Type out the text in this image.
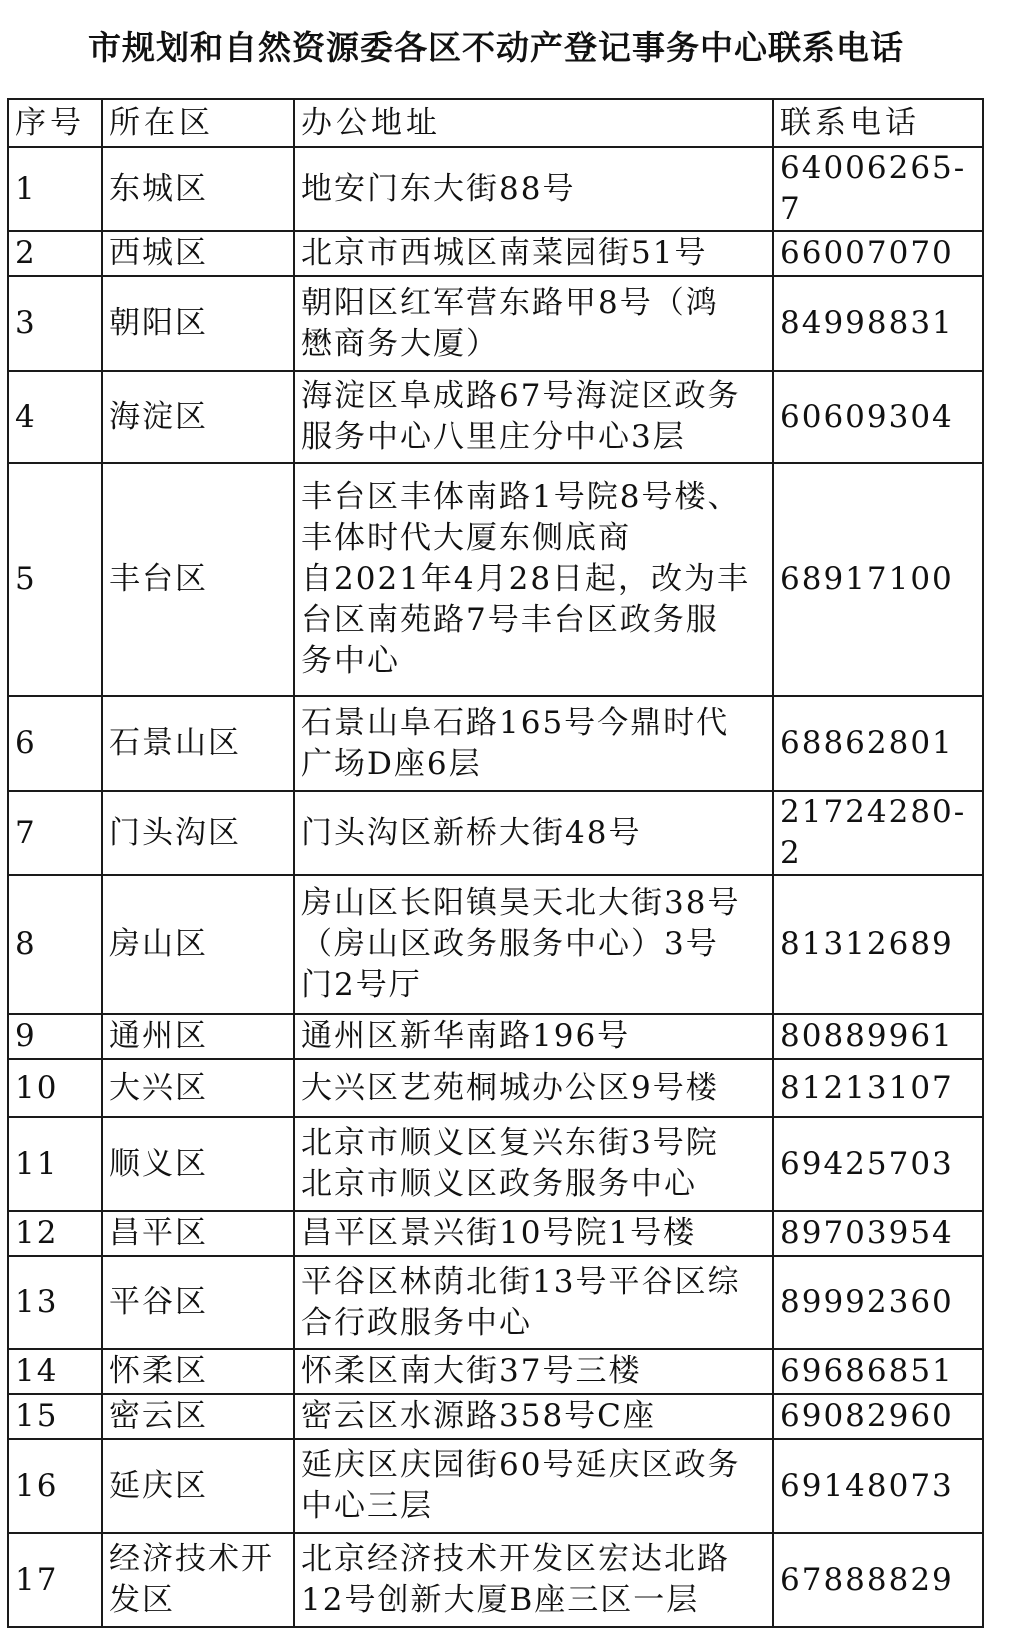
市规划和自然资源委各区不动产登记事务中心联系电话
序号	所在区	办公地址	联系电话
1	东城区	地安门东大街88号	64006265-7
2	西城区	北京市西城区南菜园街51号	66007070
3	朝阳区	朝阳区红军营东路甲8号（鸿
懋商务大厦）	84998831
4	海淀区	海淀区阜成路67号海淀区政务
服务中心八里庄分中心3层	60609304
5	丰台区	丰台区丰体南路1号院8号楼、
丰体时代大厦东侧底商
自2021年4月28日起，改为丰
台区南苑路7号丰台区政务服
务中心	68917100
6	石景山区	石景山阜石路165号今鼎时代
广场D座6层	68862801
7	门头沟区	门头沟区新桥大街48号	21724280-2
8	房山区	房山区长阳镇昊天北大街38号
（房山区政务服务中心）3号
门2号厅	81312689
9	通州区	通州区新华南路196号	80889961
10	大兴区	大兴区艺苑桐城办公区9号楼	81213107
11	顺义区	北京市顺义区复兴东街3号院
北京市顺义区政务服务中心	69425703
12	昌平区	昌平区景兴街10号院1号楼	89703954
13	平谷区	平谷区林荫北街13号平谷区综
合行政服务中心	89992360
14	怀柔区	怀柔区南大街37号三楼	69686851
15	密云区	密云区水源路358号C座	69082960
16	延庆区	延庆区庆园街60号延庆区政务
中心三层	69148073
17	经济技术开发区	北京经济技术开发区宏达北路
12号创新大厦B座三区一层	67888829
